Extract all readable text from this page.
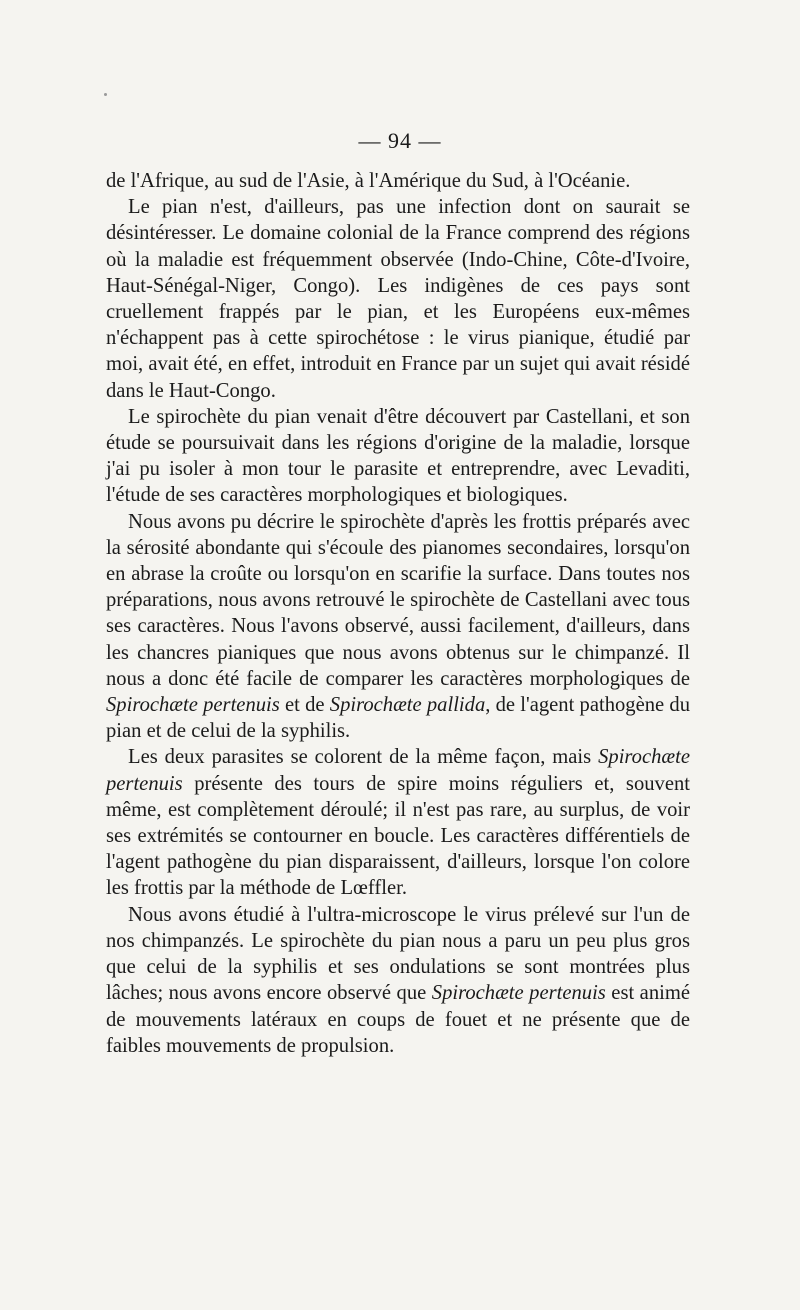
— 94 —

de l'Afrique, au sud de l'Asie, à l'Amérique du Sud, à l'Océanie.

Le pian n'est, d'ailleurs, pas une infection dont on saurait se désintéresser. Le domaine colonial de la France comprend des régions où la maladie est fréquemment observée (Indo-Chine, Côte-d'Ivoire, Haut-Sénégal-Niger, Congo). Les indigènes de ces pays sont cruellement frappés par le pian, et les Européens eux-mêmes n'échappent pas à cette spirochétose : le virus pianique, étudié par moi, avait été, en effet, introduit en France par un sujet qui avait résidé dans le Haut-Congo.

Le spirochète du pian venait d'être découvert par Castellani, et son étude se poursuivait dans les régions d'origine de la maladie, lorsque j'ai pu isoler à mon tour le parasite et entreprendre, avec Levaditi, l'étude de ses caractères morphologiques et biologiques.

Nous avons pu décrire le spirochète d'après les frottis préparés avec la sérosité abondante qui s'écoule des pianomes secondaires, lorsqu'on en abrase la croûte ou lorsqu'on en scarifie la surface. Dans toutes nos préparations, nous avons retrouvé le spirochète de Castellani avec tous ses caractères. Nous l'avons observé, aussi facilement, d'ailleurs, dans les chancres pianiques que nous avons obtenus sur le chimpanzé. Il nous a donc été facile de comparer les caractères morphologiques de Spirochæte pertenuis et de Spirochæte pallida, de l'agent pathogène du pian et de celui de la syphilis.

Les deux parasites se colorent de la même façon, mais Spirochæte pertenuis présente des tours de spire moins réguliers et, souvent même, est complètement déroulé; il n'est pas rare, au surplus, de voir ses extrémités se contourner en boucle. Les caractères différentiels de l'agent pathogène du pian disparaissent, d'ailleurs, lorsque l'on colore les frottis par la méthode de Lœffler.

Nous avons étudié à l'ultra-microscope le virus prélevé sur l'un de nos chimpanzés. Le spirochète du pian nous a paru un peu plus gros que celui de la syphilis et ses ondulations se sont montrées plus lâches; nous avons encore observé que Spirochæte pertenuis est animé de mouvements latéraux en coups de fouet et ne présente que de faibles mouvements de propulsion.
